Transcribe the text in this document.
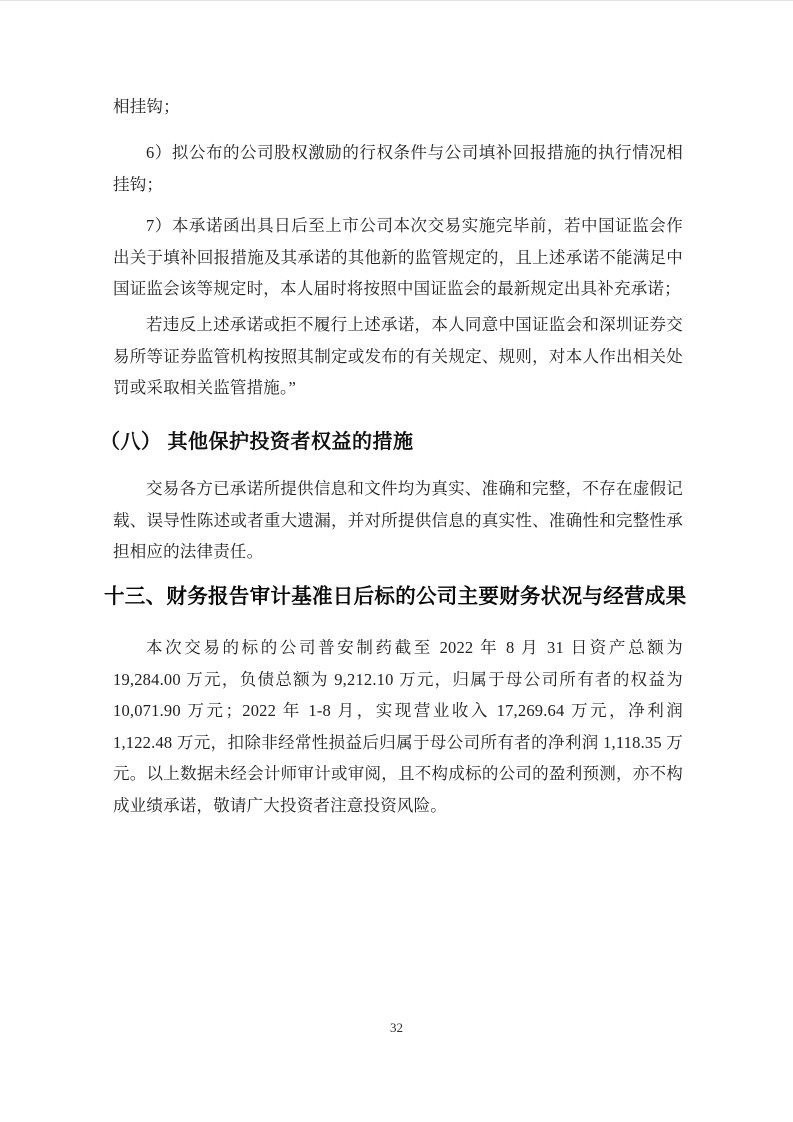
相挂钩；

6）拟公布的公司股权激励的行权条件与公司填补回报措施的执行情况相挂钩；

7）本承诺函出具日后至上市公司本次交易实施完毕前，若中国证监会作出关于填补回报措施及其承诺的其他新的监管规定的，且上述承诺不能满足中国证监会该等规定时，本人届时将按照中国证监会的最新规定出具补充承诺；

若违反上述承诺或拒不履行上述承诺，本人同意中国证监会和深圳证券交易所等证券监管机构按照其制定或发布的有关规定、规则，对本人作出相关处罚或采取相关监管措施。”

（八） 其他保护投资者权益的措施

交易各方已承诺所提供信息和文件均为真实、准确和完整，不存在虚假记载、误导性陈述或者重大遗漏，并对所提供信息的真实性、准确性和完整性承担相应的法律责任。

十三、财务报告审计基准日后标的公司主要财务状况与经营成果

本次交易的标的公司普安制药截至 2022 年 8 月 31 日资产总额为 19,284.00 万元，负债总额为 9,212.10 万元，归属于母公司所有者的权益为 10,071.90 万元；2022 年 1-8 月，实现营业收入 17,269.64 万元，净利润 1,122.48 万元，扣除非经常性损益后归属于母公司所有者的净利润 1,118.35 万元。以上数据未经会计师审计或审阅，且不构成标的公司的盈利预测，亦不构成业绩承诺，敬请广大投资者注意投资风险。

32
